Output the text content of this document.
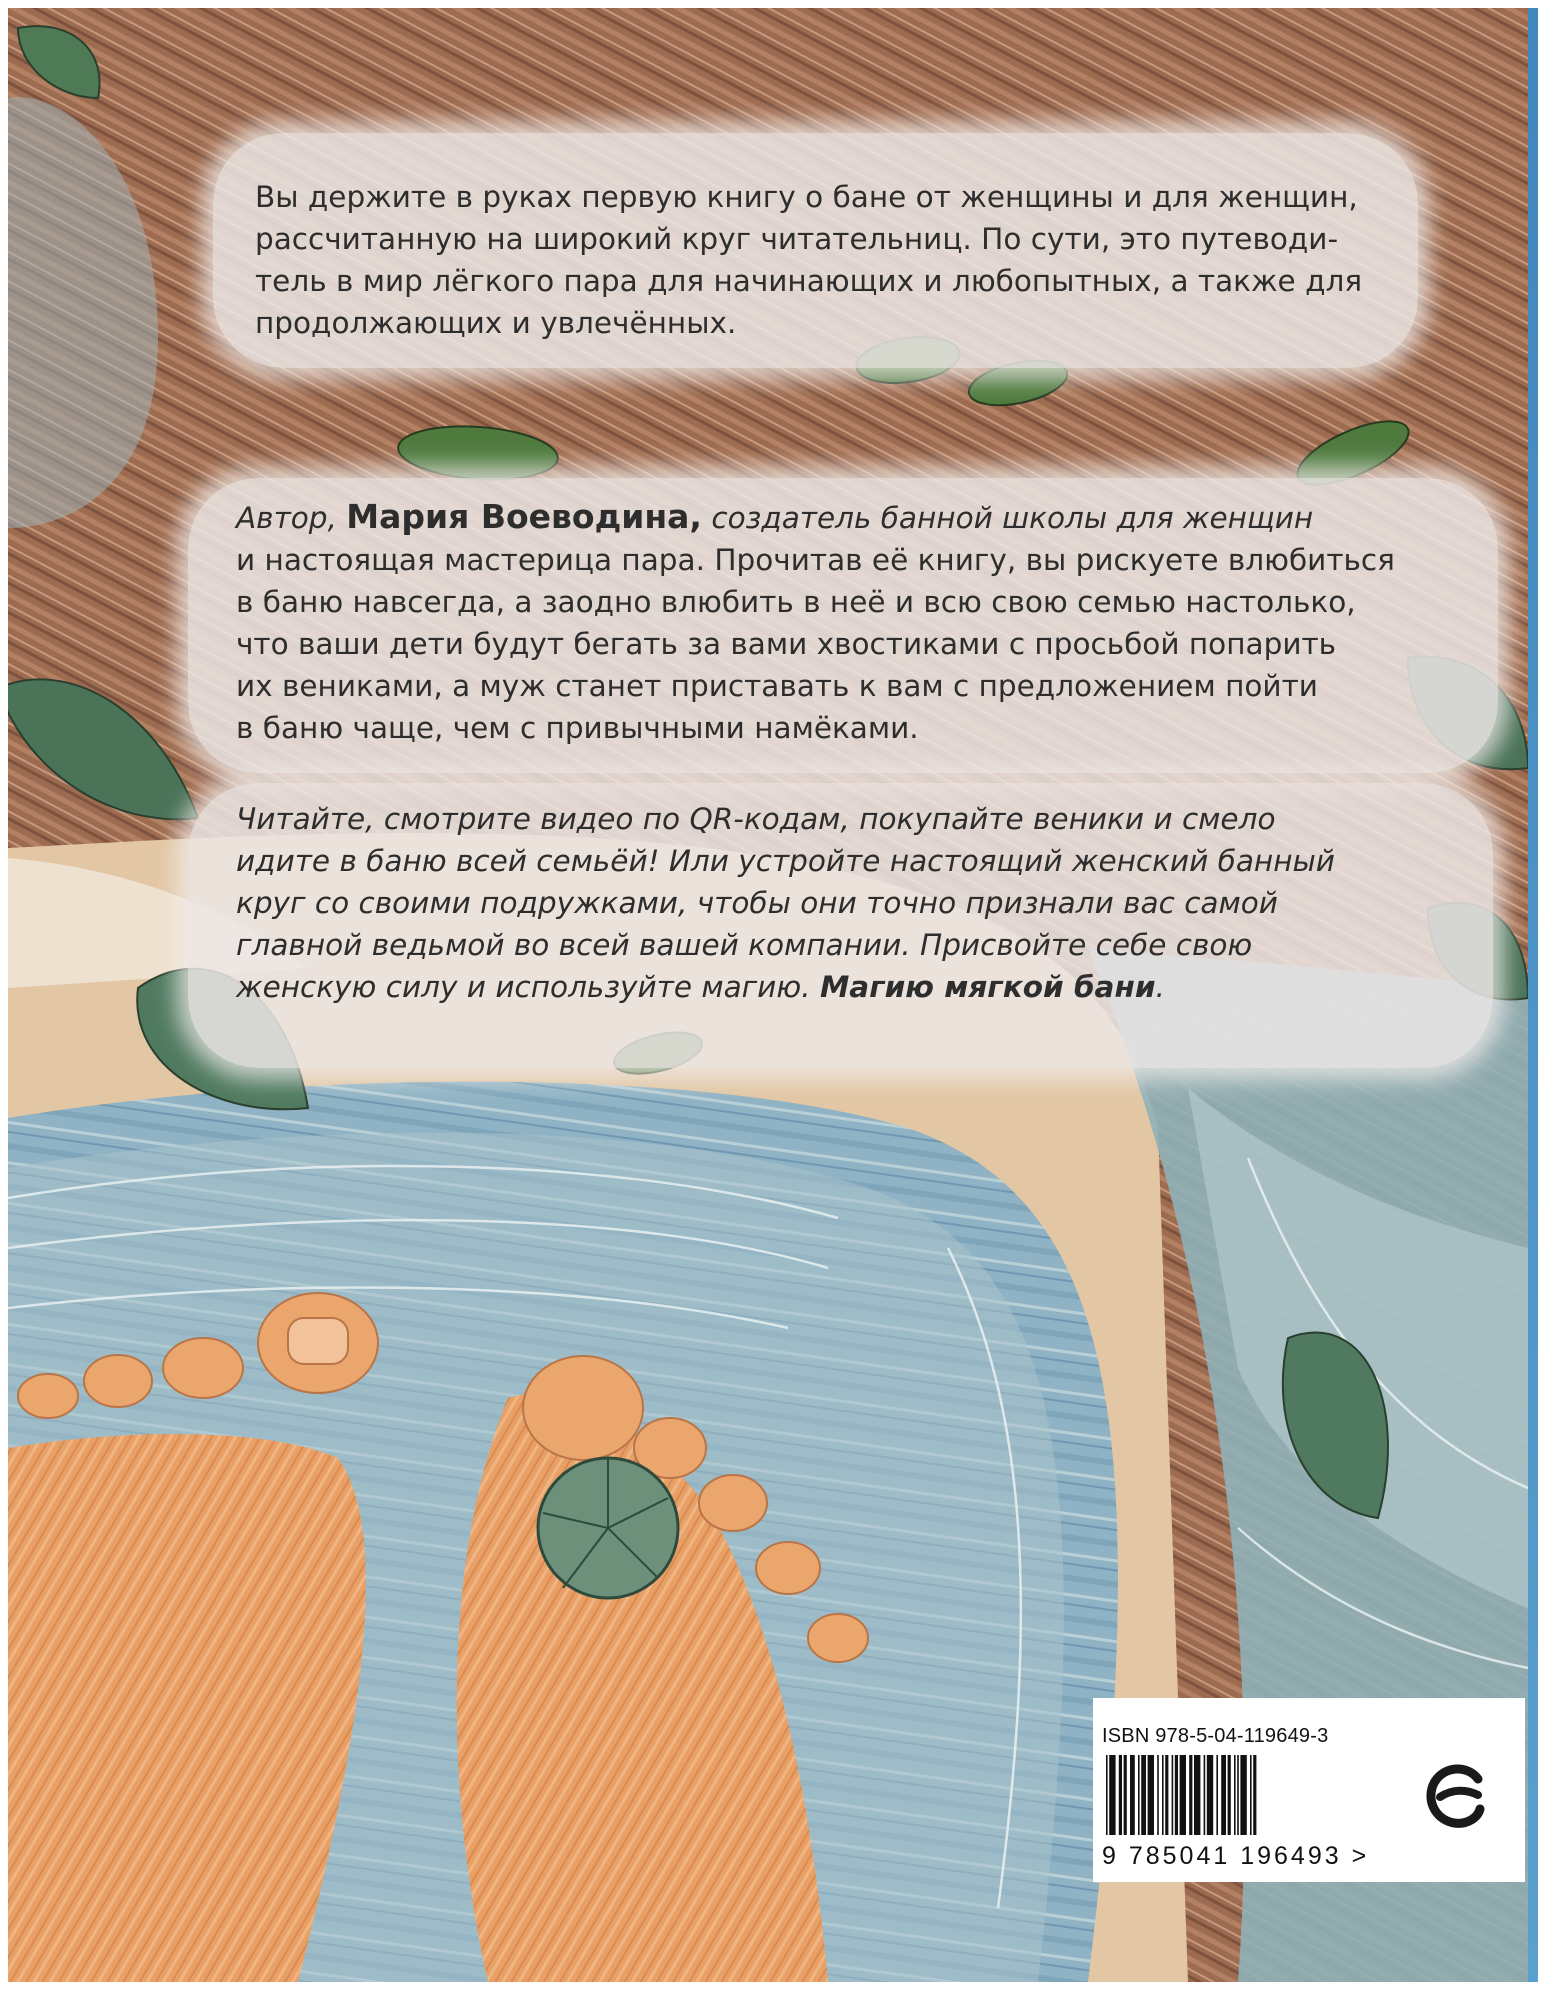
Вы держите в руках первую книгу о бане от женщины и для женщин,
рассчитанную на широкий круг читательниц. По сути, это путеводи-
тель в мир лёгкого пара для начинающих и любопытных, а также для
продолжающих и увлечённых.
Автор, Мария Воеводина, создатель банной школы для женщин
и настоящая мастерица пара. Прочитав её книгу, вы рискуете влюбиться
в баню навсегда, а заодно влюбить в неё и всю свою семью настолько,
что ваши дети будут бегать за вами хвостиками с просьбой попарить
их вениками, а муж станет приставать к вам с предложением пойти
в баню чаще, чем с привычными намёками.
Читайте, смотрите видео по QR-кодам, покупайте веники и смело
идите в баню всей семьёй! Или устройте настоящий женский банный
круг со своими подружками, чтобы они точно признали вас самой
главной ведьмой во всей вашей компании. Присвойте себе свою
женскую силу и используйте магию. Магию мягкой бани.
ISBN 978-5-04-119649-3
9 785041 196493 >
